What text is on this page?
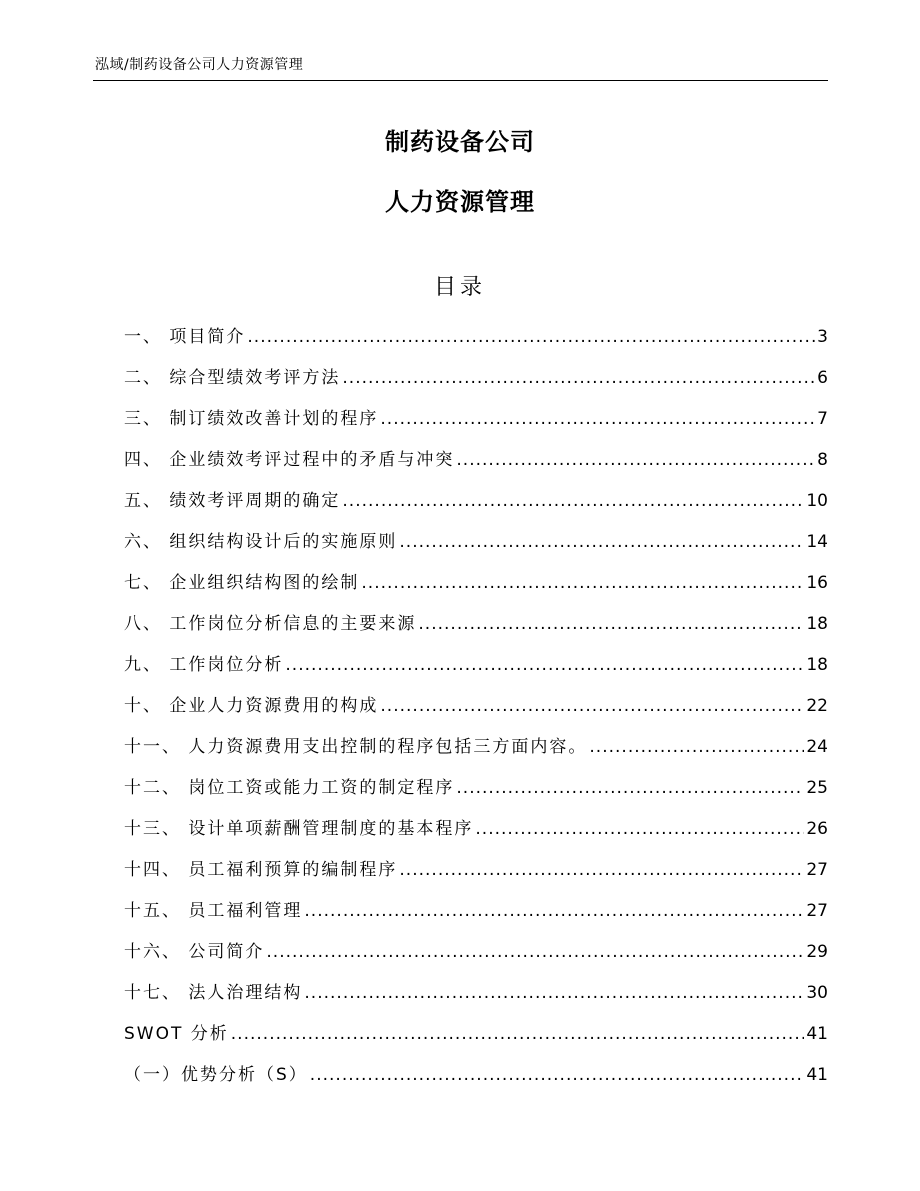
泓域/制药设备公司人力资源管理
制药设备公司
人力资源管理
目录
一、 项目简介 .....	3
二、 综合型绩效考评方法 .....	6
三、 制订绩效改善计划的程序 .....	7
四、 企业绩效考评过程中的矛盾与冲突 .....	8
五、 绩效考评周期的确定 .....	10
六、 组织结构设计后的实施原则 .....	14
七、 企业组织结构图的绘制 .....	16
八、 工作岗位分析信息的主要来源 .....	18
九、 工作岗位分析 .....	18
十、 企业人力资源费用的构成 .....	22
十一、 人力资源费用支出控制的程序包括三方面内容。 .....	24
十二、 岗位工资或能力工资的制定程序 .....	25
十三、 设计单项薪酬管理制度的基本程序 .....	26
十四、 员工福利预算的编制程序 .....	27
十五、 员工福利管理 .....	27
十六、 公司简介 .....	29
十七、 法人治理结构 .....	30
SWOT 分析 .....	41
（一）优势分析（S） .....	41
